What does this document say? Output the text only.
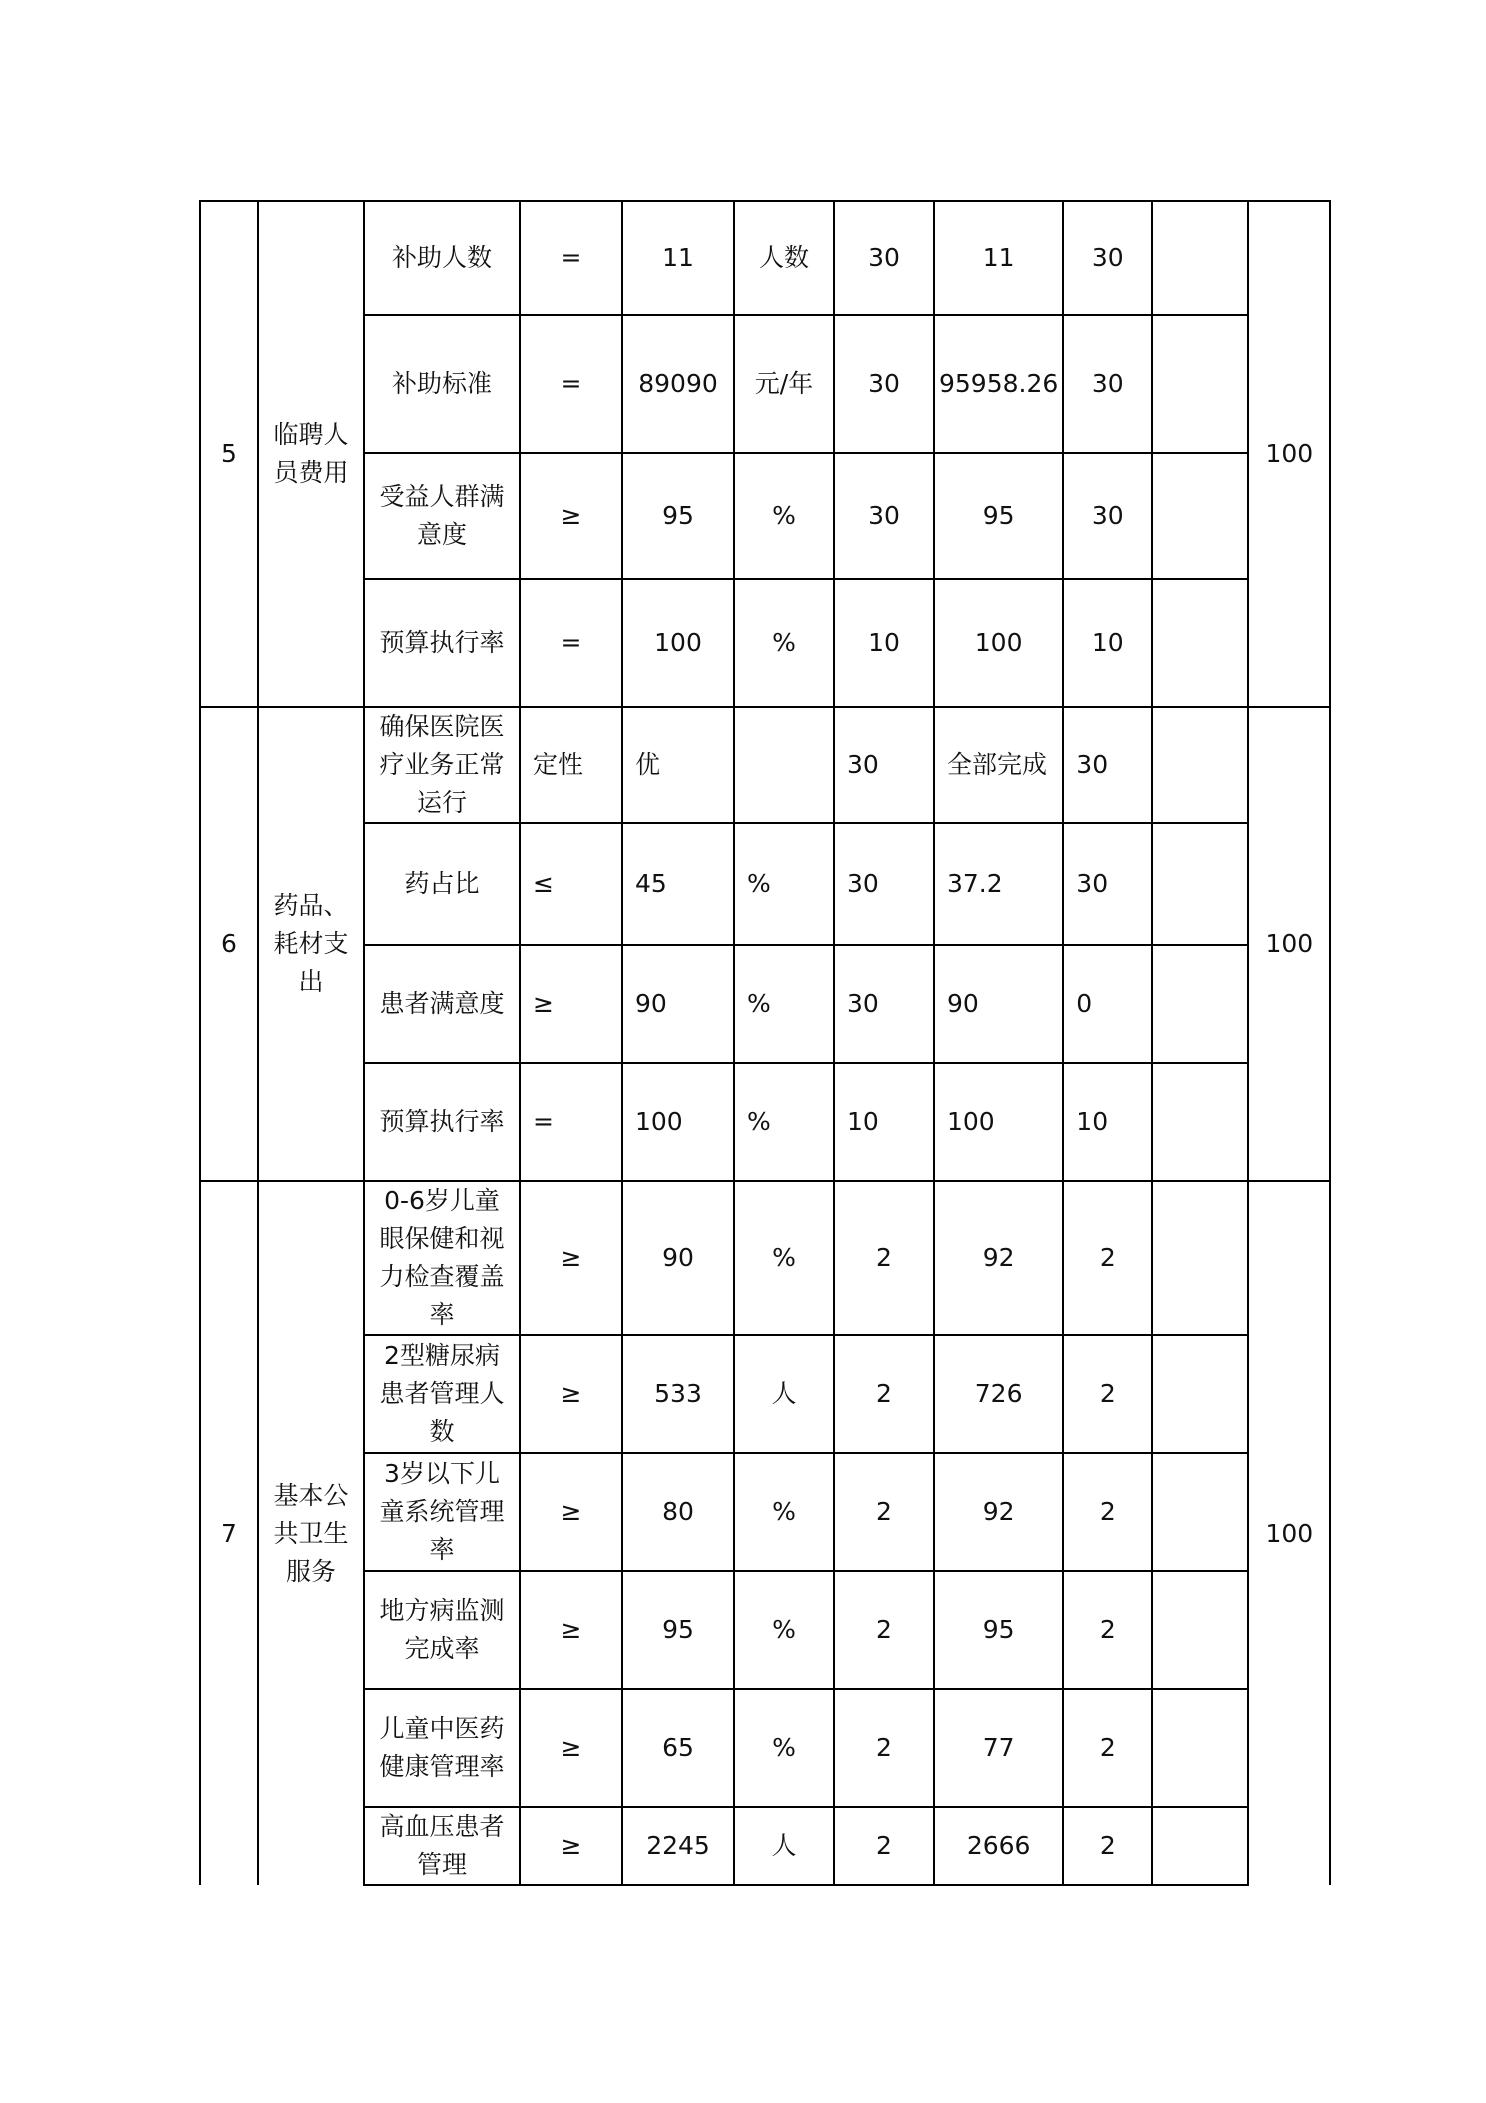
5	临聘人员费用	补助人数	=	11	人数	30	11	30		100
		补助标准	=	89090	元/年	30	95958.26	30		
		受益人群满意度	≥	95	%	30	95	30		
		预算执行率	=	100	%	10	100	10		
6	药品、耗材支出	确保医院医疗业务正常运行	定性	优		30	全部完成	30		100
		药占比	≤	45	%	30	37.2	30		
		患者满意度	≥	90	%	30	90	0		
		预算执行率	=	100	%	10	100	10		
7	基本公共卫生服务	0-6岁儿童眼保健和视力检查覆盖率	≥	90	%	2	92	2		100
		2型糖尿病患者管理人数	≥	533	人	2	726	2		
		3岁以下儿童系统管理率	≥	80	%	2	92	2		
		地方病监测完成率	≥	95	%	2	95	2		
		儿童中医药健康管理率	≥	65	%	2	77	2		
		高血压患者管理	≥	2245	人	2	2666	2		
